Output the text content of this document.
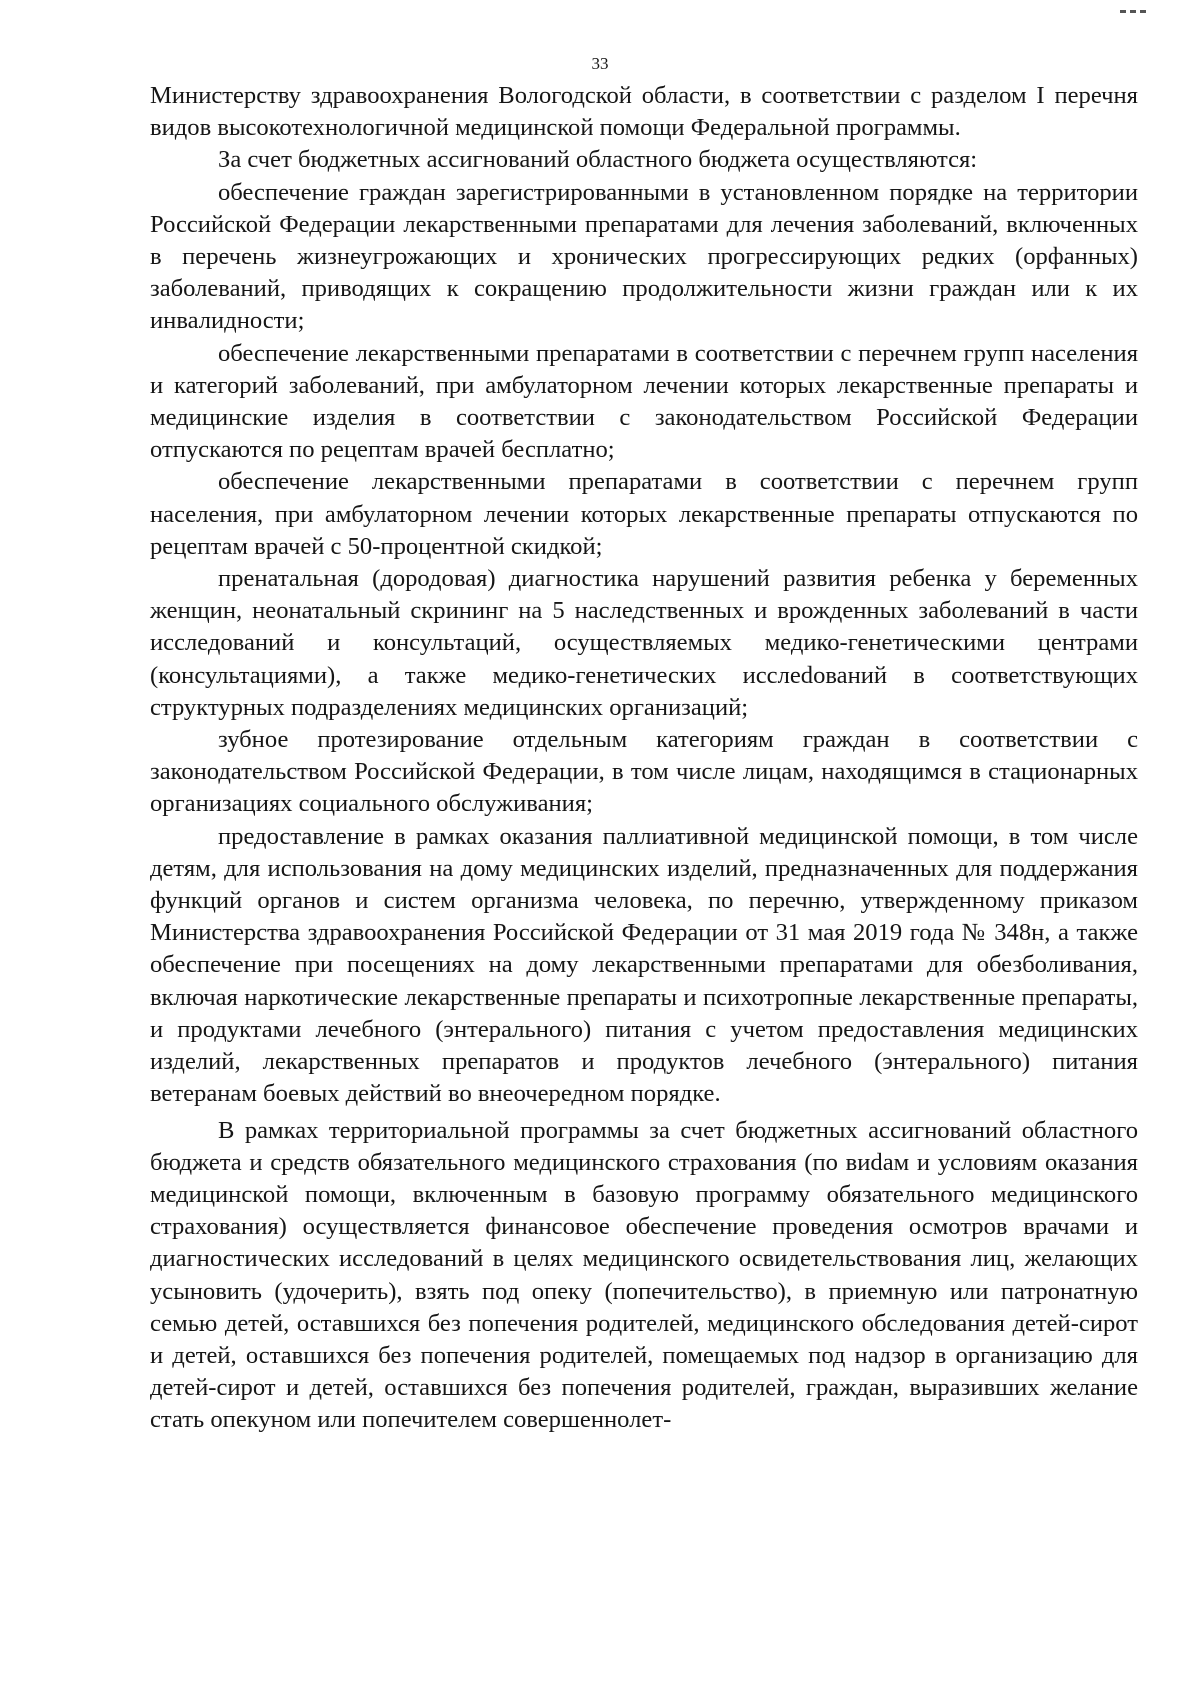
33

Министерству здравоохранения Вологодской области, в соответствии с разделом I перечня видов высокотехнологичной медицинской помощи Федеральной программы.

За счет бюджетных ассигнований областного бюджета осуществляются:

обеспечение граждан зарегистрированными в установленном порядке на территории Российской Федерации лекарственными препаратами для лечения заболеваний, включенных в перечень жизнеугрожающих и хронических прогрессирующих редких (орфанных) заболеваний, приводящих к сокращению продолжительности жизни граждан или к их инвалидности;

обеспечение лекарственными препаратами в соответствии с перечнем групп населения и категорий заболеваний, при амбулаторном лечении которых лекарственные препараты и медицинские изделия в соответствии с законодательством Российской Федерации отпускаются по рецептам врачей бесплатно;

обеспечение лекарственными препаратами в соответствии с перечнем групп населения, при амбулаторном лечении которых лекарственные препараты отпускаются по рецептам врачей с 50-процентной скидкой;

пренатальная (дородовая) диагностика нарушений развития ребенка у беременных женщин, неонатальный скрининг на 5 наследственных и врожденных заболеваний в части исследований и консультаций, осуществляемых медико-генетическими центрами (консультациями), а также медико-генетических исслеdований в соответствующих структурных подразделениях медицинских организаций;

зубное протезирование отдельным категориям граждан в соответствии с законодательством Российской Федерации, в том числе лицам, находящимся в стационарных организациях социального обслуживания;

предоставление в рамках оказания паллиативной медицинской помощи, в том числе детям, для использования на дому медицинских изделий, предназначенных для поддержания функций органов и систем организма человека, по перечню, утвержденному приказом Министерства здравоохранения Российской Федерации от 31 мая 2019 года № 348н, а также обеспечение при посещениях на дому лекарственными препаратами для обезболивания, включая наркотические лекарственные препараты и психотропные лекарственные препараты, и продуктами лечебного (энтерального) питания с учетом предоставления медицинских изделий, лекарственных препаратов и продуктов лечебного (энтерального) питания ветеранам боевых действий во внеочередном порядке.

В рамках территориальной программы за счет бюджетных ассигнований областного бюджета и средств обязательного медицинского страхования (по виdам и условиям оказания медицинской помощи, включенным в базовую программу обязательного медицинского страхования) осуществляется финансовое обеспечение проведения осмотров врачами и диагностических исследований в целях медицинского освидетельствования лиц, желающих усыновить (удочерить), взять под опеку (попечительство), в приемную или патронатную семью детей, оставшихся без попечения родителей, медицинского обследования детей-сирот и детей, оставшихся без попечения родителей, помещаемых под надзор в организацию для детей-сирот и детей, оставшихся без попечения родителей, граждан, выразивших желание стать опекуном или попечителем совершеннолет-
